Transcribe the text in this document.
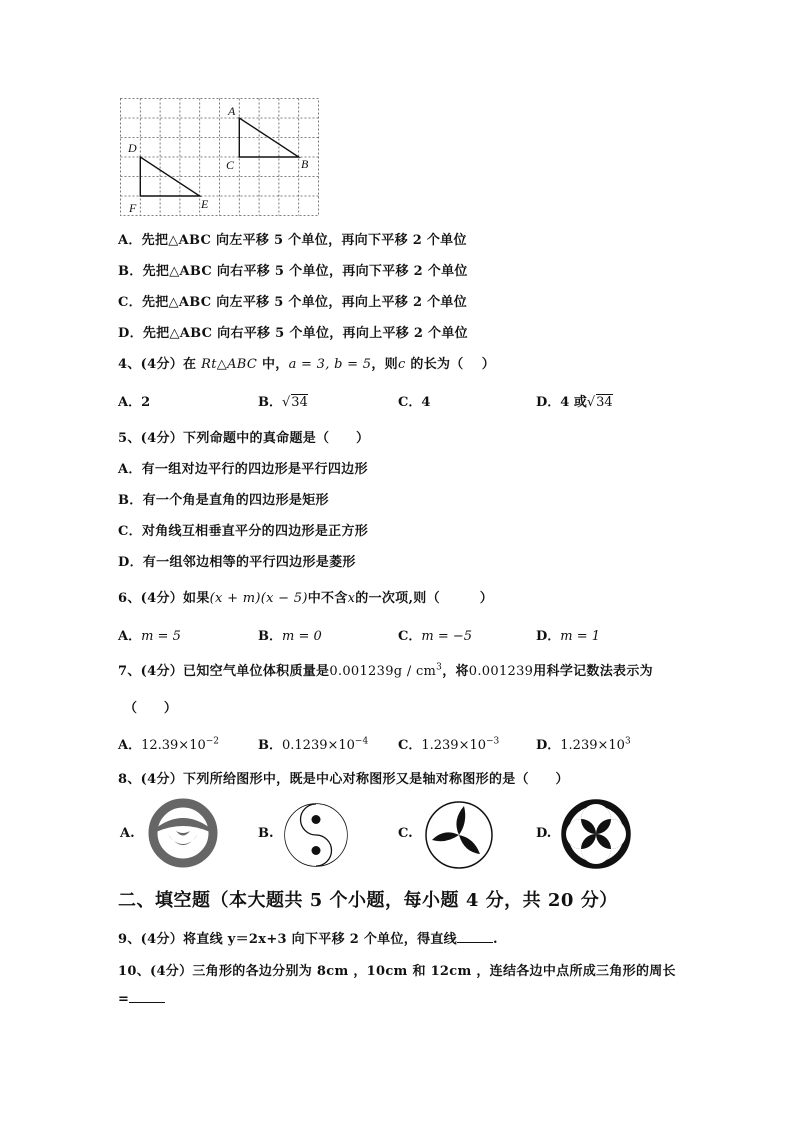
A
B
C
D
E
F
A．先把△ABC 向左平移 5 个单位，再向下平移 2 个单位
B．先把△ABC 向右平移 5 个单位，再向下平移 2 个单位
C．先把△ABC 向左平移 5 个单位，再向上平移 2 个单位
D．先把△ABC 向右平移 5 个单位，再向上平移 2 个单位
4、(4分）在 Rt△ABC 中，a = 3, b = 5，则c 的长为（　 ）
A．2	B．√34	C．4	D．4 或√34
5、(4分）下列命题中的真命题是（　　）
A．有一组对边平行的四边形是平行四边形
B．有一个角是直角的四边形是矩形
C．对角线互相垂直平分的四边形是正方形
D．有一组邻边相等的平行四边形是菱形
6、(4分）如果(x + m)(x − 5)中不含x的一次项,则（　　　）
A．m = 5	B．m = 0	C．m = −5	D．m = 1
7、(4分）已知空气单位体积质量是$0.001239g / cm^3$，将0.001239用科学记数法表示为
（　　）
A．$12.39\times 10^{-2}$	B．$0.1239\times 10^{-4}$ C．$1.239\times 10^{-3}$	D．$1.239\times 10^3$
8、(4分）下列所给图形中，既是中心对称图形又是轴对称图形的是（　　）
A.	B.	C.	D.
二、填空题（本大题共 5 个小题，每小题 4 分，共 20 分）
9、(4分）将直线 y＝2x+3 向下平移 2 个单位，得直线	.
10、(4分）三角形的各边分别为 8cm ，10cm 和 12cm ，连结各边中点所成三角形的周长
=
